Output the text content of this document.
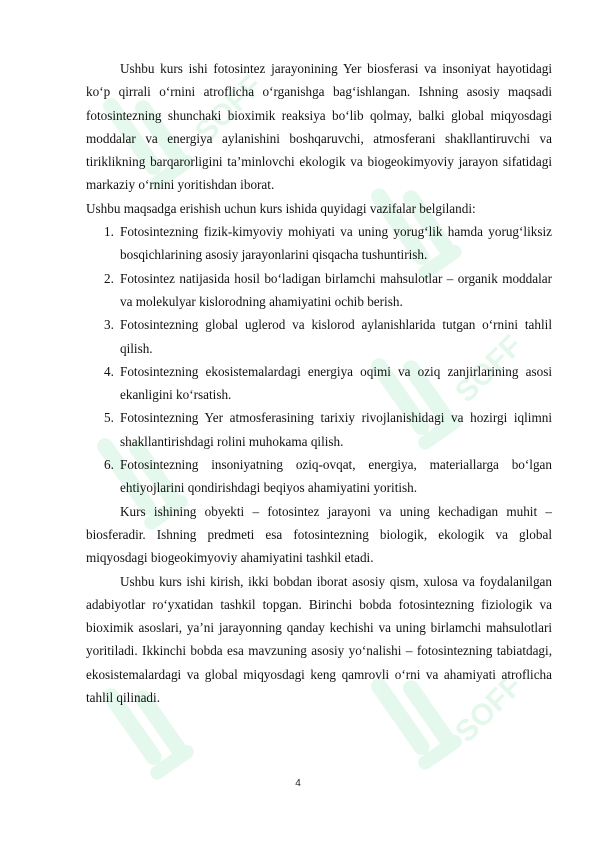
SOFF
SOFF
SOFF

Ushbu kurs ishi fotosintez jarayonining Yer biosferasi va insoniyat hayotidagi ko‘p qirrali o‘rnini atroflicha o‘rganishga bag‘ishlangan. Ishning asosiy maqsadi fotosintezning shunchaki bioximik reaksiya bo‘lib qolmay, balki global miqyosdagi moddalar va energiya aylanishini boshqaruvchi, atmosferani shakllantiruvchi va tiriklikning barqarorligini ta’minlovchi ekologik va biogeokimyoviy jarayon sifatidagi markaziy o‘rnini yoritishdan iborat.

Ushbu maqsadga erishish uchun kurs ishida quyidagi vazifalar belgilandi:

1. Fotosintezning fizik-kimyoviy mohiyati va uning yorug‘lik hamda yorug‘liksiz bosqichlarining asosiy jarayonlarini qisqacha tushuntirish.
2. Fotosintez natijasida hosil bo‘ladigan birlamchi mahsulotlar – organik moddalar va molekulyar kislorodning ahamiyatini ochib berish.
3. Fotosintezning global uglerod va kislorod aylanishlarida tutgan o‘rnini tahlil qilish.
4. Fotosintezning ekosistemalardagi energiya oqimi va oziq zanjirlarining asosi ekanligini ko‘rsatish.
5. Fotosintezning Yer atmosferasining tarixiy rivojlanishidagi va hozirgi iqlimni shakllantirishdagi rolini muhokama qilish.
6. Fotosintezning insoniyatning oziq-ovqat, energiya, materiallarga bo‘lgan ehtiyojlarini qondirishdagi beqiyos ahamiyatini yoritish.

Kurs ishining obyekti – fotosintez jarayoni va uning kechadigan muhit – biosferadir. Ishning predmeti esa fotosintezning biologik, ekologik va global miqyosdagi biogeokimyoviy ahamiyatini tashkil etadi.

Ushbu kurs ishi kirish, ikki bobdan iborat asosiy qism, xulosa va foydalanilgan adabiyotlar ro‘yxatidan tashkil topgan. Birinchi bobda fotosintezning fiziologik va bioximik asoslari, ya’ni jarayonning qanday kechishi va uning birlamchi mahsulotlari yoritiladi. Ikkinchi bobda esa mavzuning asosiy yo‘nalishi – fotosintezning tabiatdagi, ekosistemalardagi va global miqyosdagi keng qamrovli o‘rni va ahamiyati atroflicha tahlil qilinadi.

4
